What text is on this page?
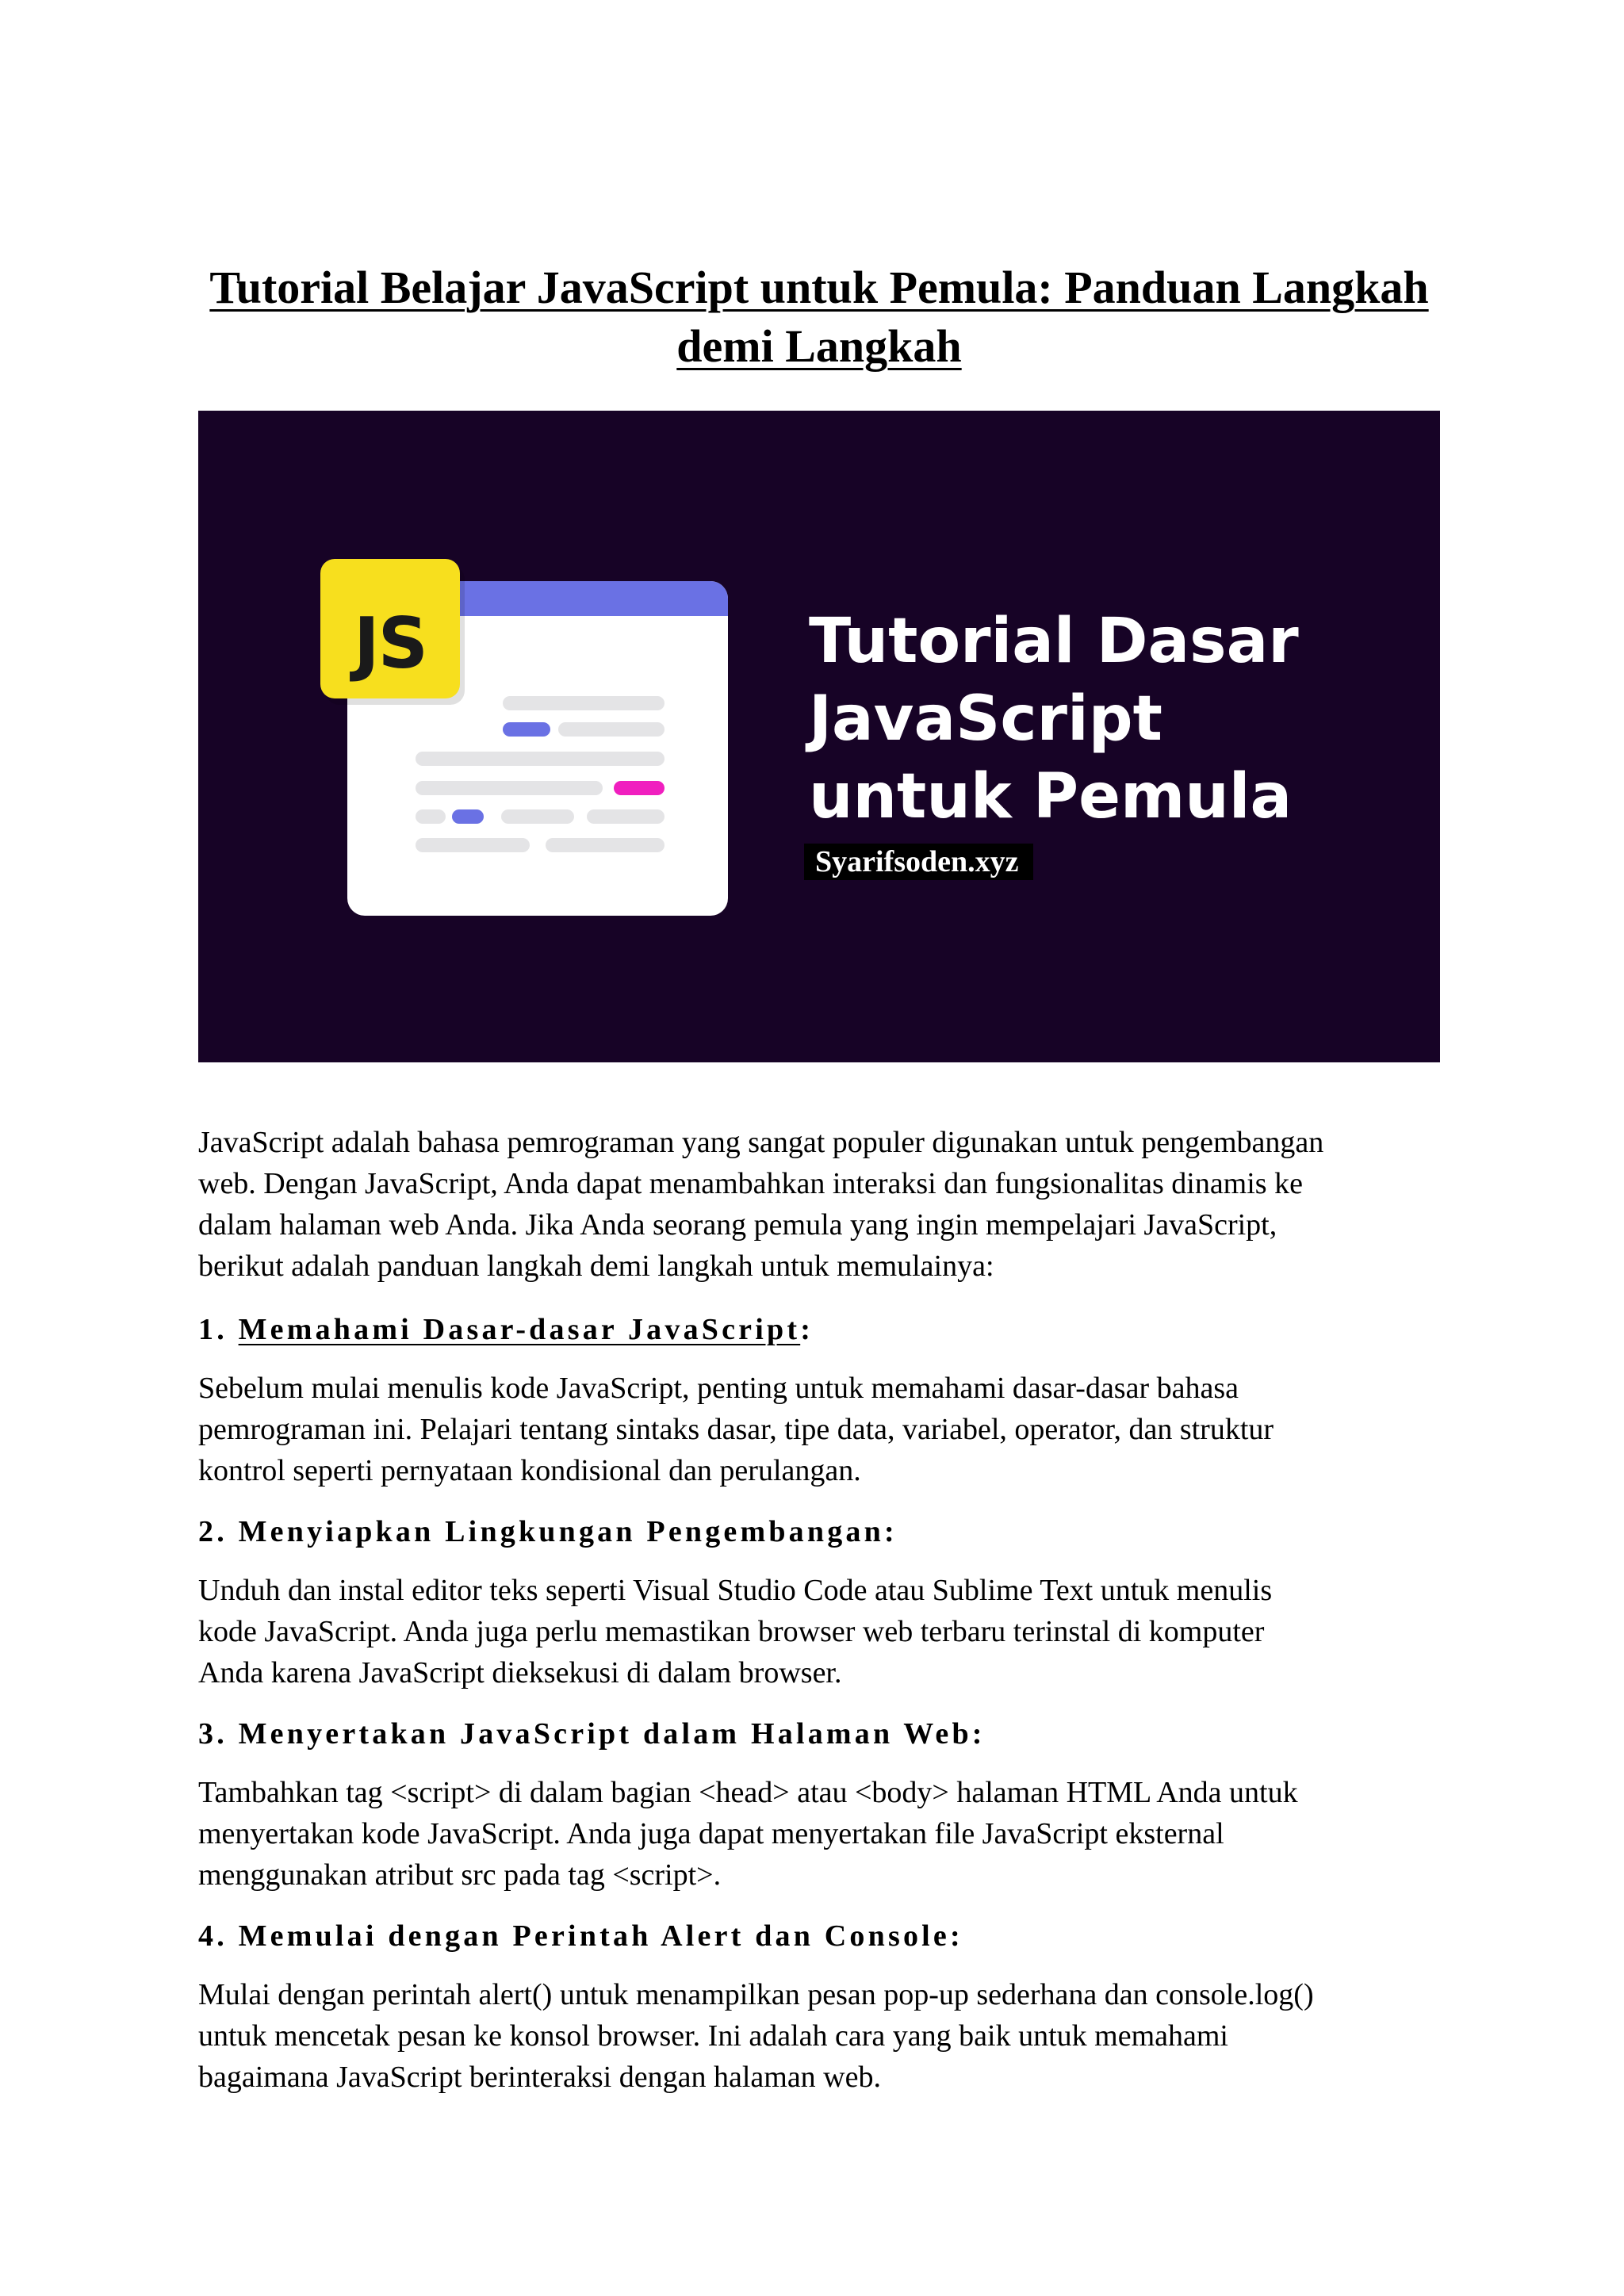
Tutorial Belajar JavaScript untuk Pemula: Panduan Langkah
demi Langkah
JS	Tutorial Dasar
JavaScript
untuk Pemula
Syarifsoden.xyz

JavaScript adalah bahasa pemrograman yang sangat populer digunakan untuk pengembangan
web. Dengan JavaScript, Anda dapat menambahkan interaksi dan fungsionalitas dinamis ke
dalam halaman web Anda. Jika Anda seorang pemula yang ingin mempelajari JavaScript,
berikut adalah panduan langkah demi langkah untuk memulainya:

1. Memahami Dasar-dasar JavaScript:

Sebelum mulai menulis kode JavaScript, penting untuk memahami dasar-dasar bahasa
pemrograman ini. Pelajari tentang sintaks dasar, tipe data, variabel, operator, dan struktur
kontrol seperti pernyataan kondisional dan perulangan.

2. Menyiapkan Lingkungan Pengembangan:

Unduh dan instal editor teks seperti Visual Studio Code atau Sublime Text untuk menulis
kode JavaScript. Anda juga perlu memastikan browser web terbaru terinstal di komputer
Anda karena JavaScript dieksekusi di dalam browser.

3. Menyertakan JavaScript dalam Halaman Web:

Tambahkan tag <script> di dalam bagian <head> atau <body> halaman HTML Anda untuk
menyertakan kode JavaScript. Anda juga dapat menyertakan file JavaScript eksternal
menggunakan atribut src pada tag <script>.

4. Memulai dengan Perintah Alert dan Console:

Mulai dengan perintah alert() untuk menampilkan pesan pop-up sederhana dan console.log()
untuk mencetak pesan ke konsol browser. Ini adalah cara yang baik untuk memahami
bagaimana JavaScript berinteraksi dengan halaman web.
